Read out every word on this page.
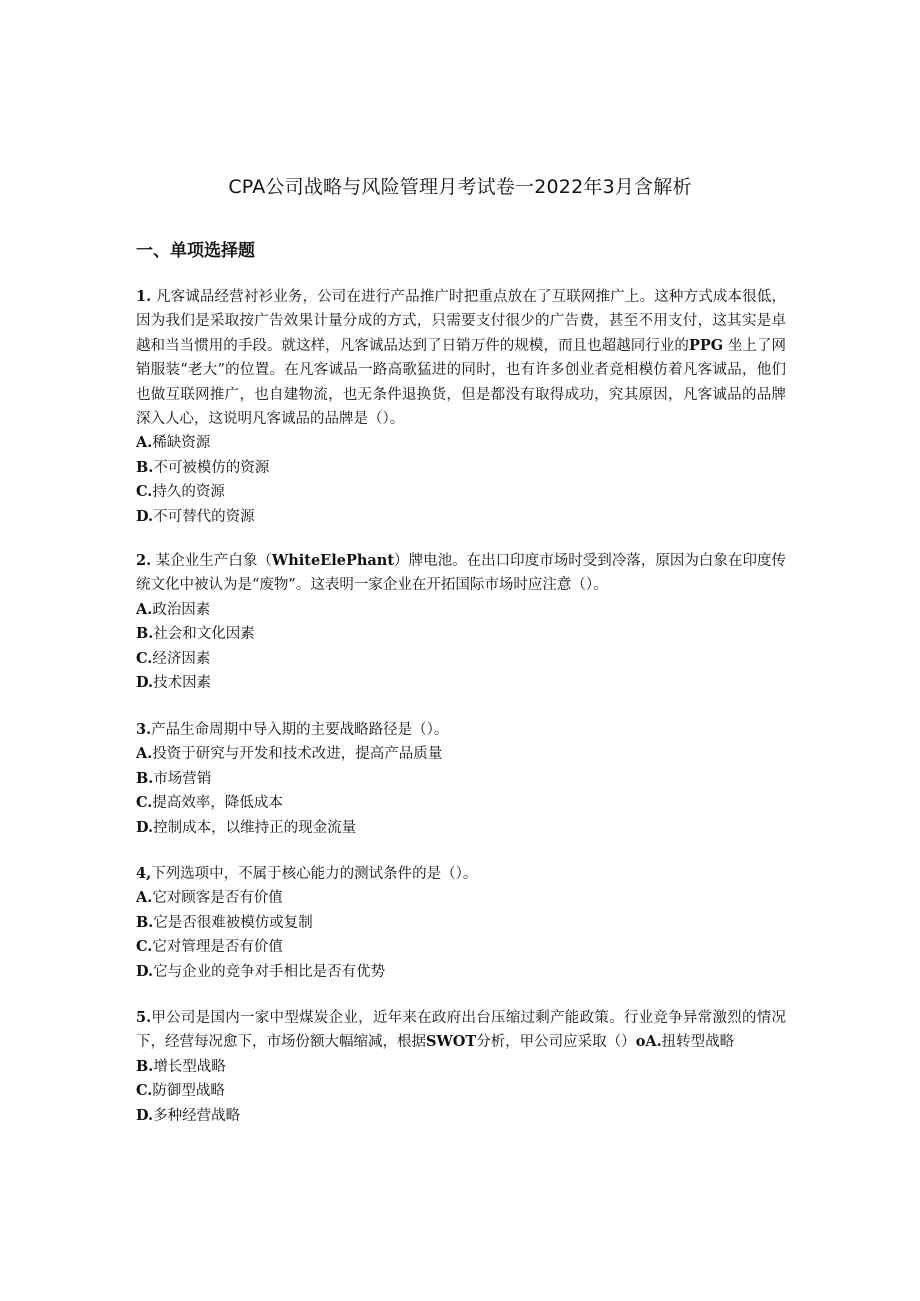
CPA公司战略与风险管理月考试卷一2022年3月含解析
一、单项选择题

1. 凡客诚品经营衬衫业务，公司在进行产品推广时把重点放在了互联网推广上。这种方式成本很低，因为我们是采取按广告效果计量分成的方式，只需要支付很少的广告费，甚至不用支付，这其实是卓越和当当惯用的手段。就这样，凡客诚品达到了日销万件的规模，而且也超越同行业的PPG 坐上了网销服装“老大”的位置。在凡客诚品一路高歌猛进的同时，也有许多创业者竞相模仿着凡客诚品，他们也做互联网推广，也自建物流，也无条件退换货，但是都没有取得成功，究其原因，凡客诚品的品牌深入人心，这说明凡客诚品的品牌是（）。

A.稀缺资源

B.不可被模仿的资源

C.持久的资源

D.不可替代的资源

2. 某企业生产白象（WhiteElePhant）牌电池。在出口印度市场时受到冷落，原因为白象在印度传统文化中被认为是“废物”。这表明一家企业在开拓国际市场时应注意（）。

A.政治因素

B.社会和文化因素

C.经济因素

D.技术因素

3.产品生命周期中导入期的主要战略路径是（）。

A.投资于研究与开发和技术改进，提高产品质量

B.市场营销

C.提高效率，降低成本

D.控制成本，以维持正的现金流量

4,下列选项中，不属于核心能力的测试条件的是（）。

A.它对顾客是否有价值

B.它是否很难被模仿或复制

C.它对管理是否有价值

D.它与企业的竞争对手相比是否有优势

5.甲公司是国内一家中型煤炭企业，近年来在政府出台压缩过剩产能政策。行业竞争异常激烈的情况下，经营每况愈下，市场份额大幅缩减，根据SWOT分析，甲公司应采取（）oA.扭转型战略

B.增长型战略

C.防御型战略

D.多种经营战略
